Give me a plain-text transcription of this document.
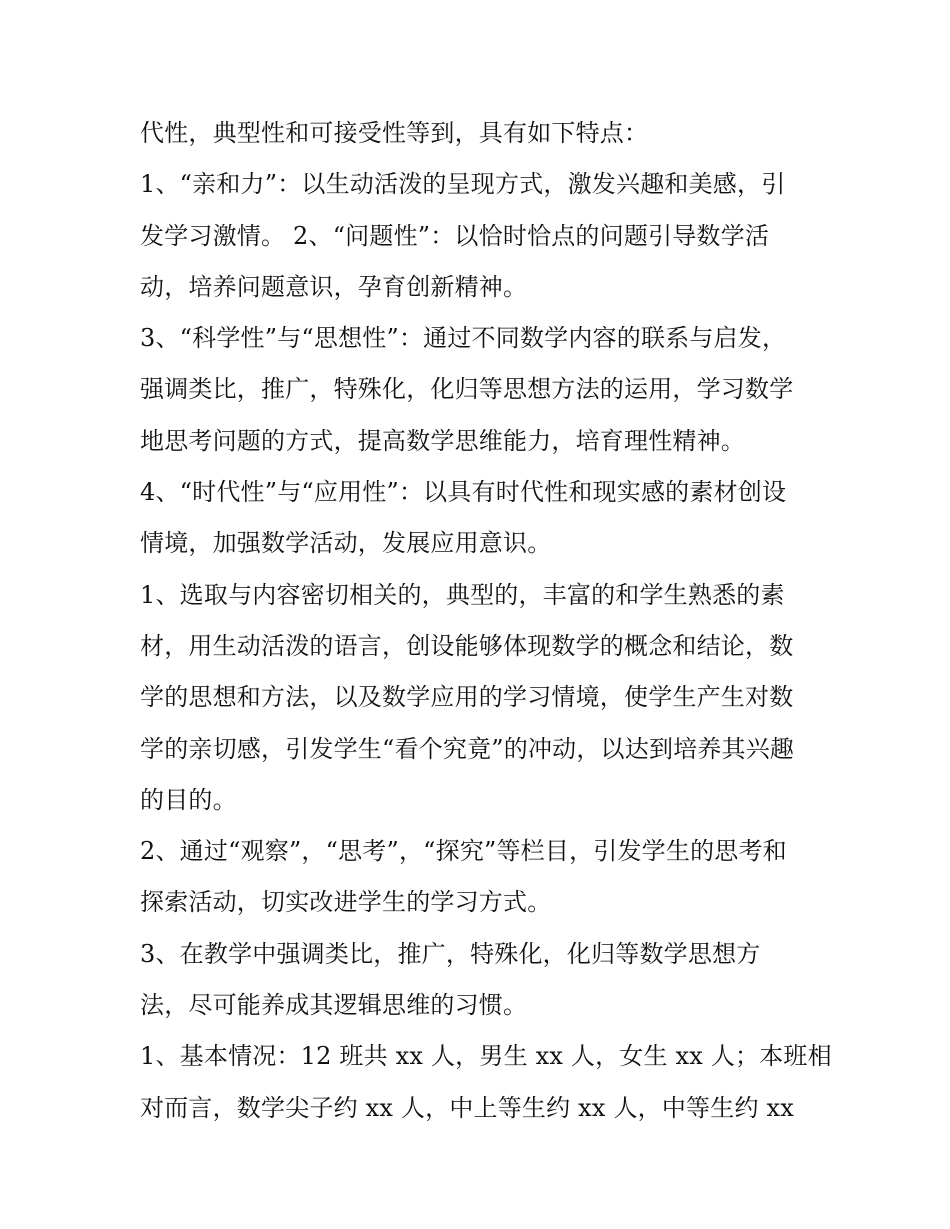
代性，典型性和可接受性等到，具有如下特点：
1、“亲和力”：以生动活泼的呈现方式，激发兴趣和美感，引
发学习激情。 2、“问题性”：以恰时恰点的问题引导数学活
动，培养问题意识，孕育创新精神。
3、“科学性”与“思想性”：通过不同数学内容的联系与启发，
强调类比，推广，特殊化，化归等思想方法的运用，学习数学
地思考问题的方式，提高数学思维能力，培育理性精神。
4、“时代性”与“应用性”：以具有时代性和现实感的素材创设
情境，加强数学活动，发展应用意识。
1、选取与内容密切相关的，典型的，丰富的和学生熟悉的素
材，用生动活泼的语言，创设能够体现数学的概念和结论，数
学的思想和方法，以及数学应用的学习情境，使学生产生对数
学的亲切感，引发学生“看个究竟”的冲动，以达到培养其兴趣
的目的。
2、通过“观察”，“思考”，“探究”等栏目，引发学生的思考和
探索活动，切实改进学生的学习方式。
3、在教学中强调类比，推广，特殊化，化归等数学思想方
法，尽可能养成其逻辑思维的习惯。
1、基本情况：12 班共 xx 人，男生 xx 人，女生 xx 人；本班相
对而言，数学尖子约 xx 人，中上等生约 xx 人，中等生约 xx
